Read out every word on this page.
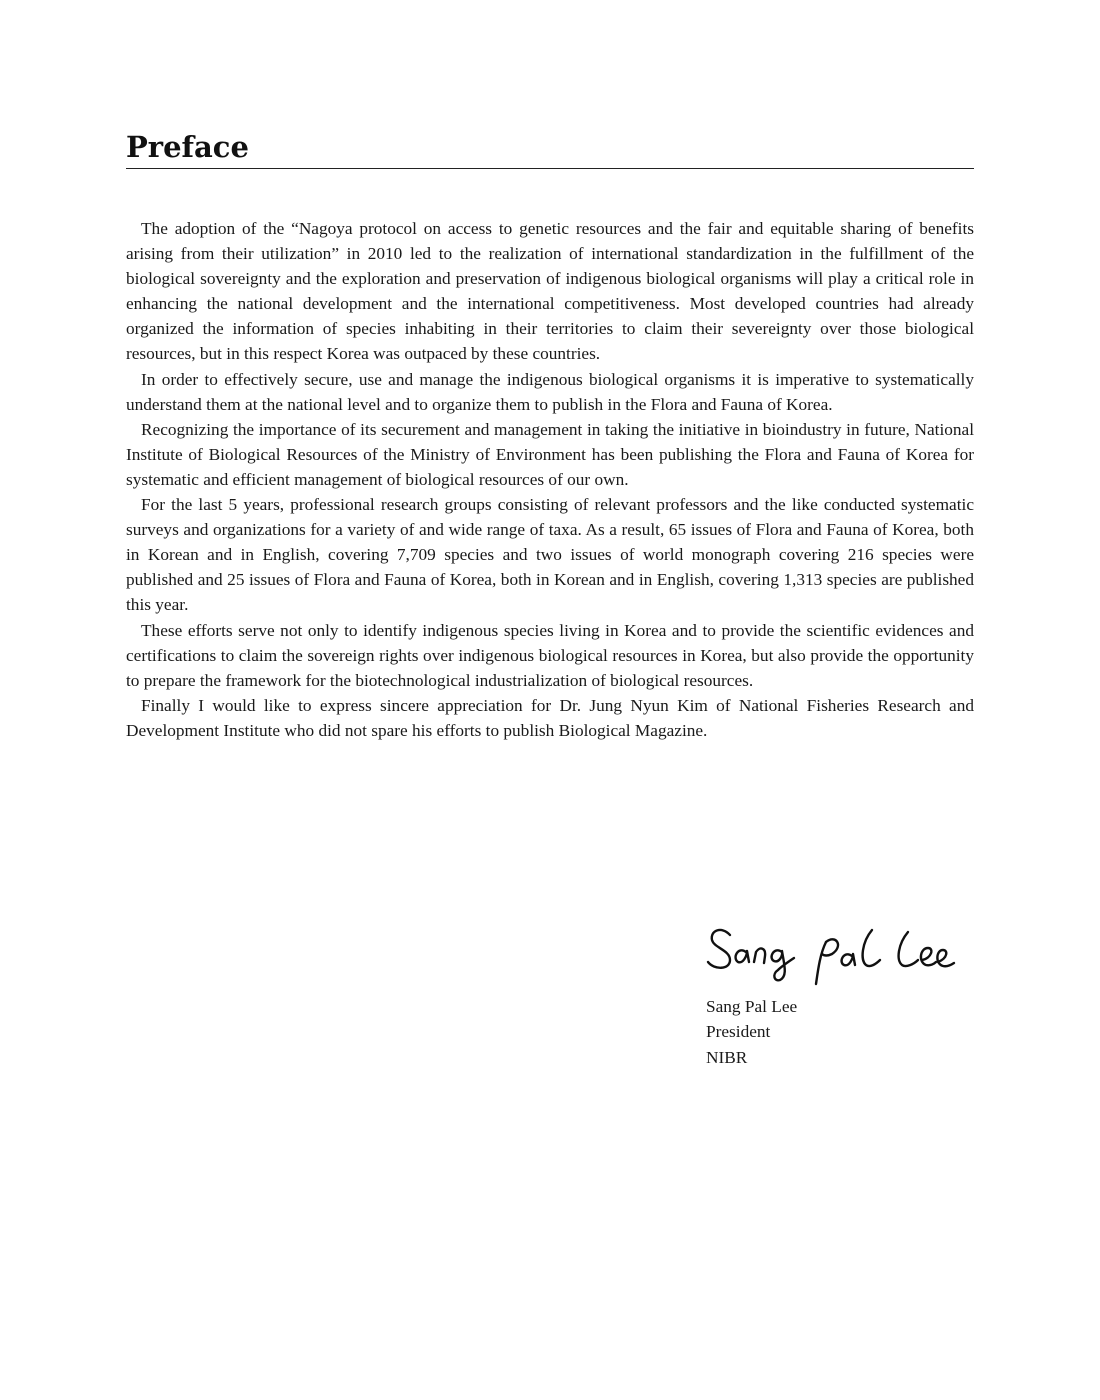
Preface

The adoption of the “Nagoya protocol on access to genetic resources and the fair and equitable sharing of benefits arising from their utilization” in 2010 led to the realization of international standardization in the fulfillment of the biological sovereignty and the exploration and preservation of indigenous biological organisms will play a critical role in enhancing the national development and the international competitiveness. Most developed countries had already organized the information of species inhabiting in their territories to claim their severeignty over those biological resources, but in this respect Korea was outpaced by these countries.

In order to effectively secure, use and manage the indigenous biological organisms it is imperative to systematically understand them at the national level and to organize them to publish in the Flora and Fauna of Korea.

Recognizing the importance of its securement and management in taking the initiative in bioindustry in future, National Institute of Biological Resources of the Ministry of Environment has been publishing the Flora and Fauna of Korea for systematic and efficient management of biological resources of our own.

For the last 5 years, professional research groups consisting of relevant professors and the like conducted systematic surveys and organizations for a variety of and wide range of taxa. As a result, 65 issues of Flora and Fauna of Korea, both in Korean and in English, covering 7,709 species and two issues of world monograph covering 216 species were published and 25 issues of Flora and Fauna of Korea, both in Korean and in English, covering 1,313 species are published this year.

These efforts serve not only to identify indigenous species living in Korea and to provide the scientific evidences and certifications to claim the sovereign rights over indigenous biological resources in Korea, but also provide the opportunity to prepare the framework for the biotechnological industrialization of biological resources.

Finally I would like to express sincere appreciation for Dr. Jung Nyun Kim of National Fisheries Research and Development Institute who did not spare his efforts to publish Biological Magazine.

Sang Pal Lee
President
NIBR
